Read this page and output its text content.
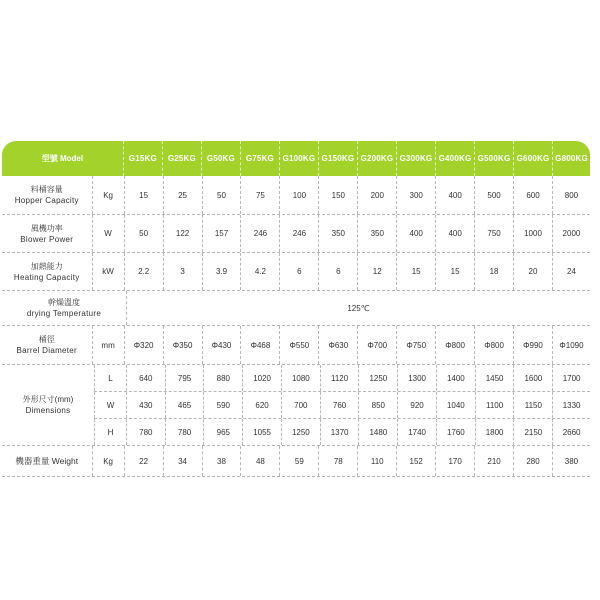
型號 Model	G15KG	G25KG	G50KG	G75KG	G100KG G150KG G200KG G300KG G400KG G500KG G600KG G800KG
料桶容量
Hopper Capacity
Kg	15	25	50	75	100	150	200	300	400	500	600	800
風機功率
Blower Power
W	50	122	157	246	246	350	350	400	400	750	1000	2000
加熱能力
Heating Capacity
kW	2.2	3	3.9	4.2	6	6	12	15	15	18	20	24
幹燥溫度
drying Temperature
125℃
桶徑
Barrel Diameter
mm	Φ320	Φ350	Φ430	Φ468	Φ550	Φ630	Φ700	Φ750	Φ800	Φ800	Φ990	Φ1090
外形尺寸(mm)
Dimensions
L	640	795	880	1020	1080	1120	1250	1300	1400	1450	1600	1700
W	430	465	590	620	700	760	850	920	1040	1100	1150	1330
H	780	780	965	1055	1250	1370	1480	1740	1760	1800	2150	2660
機器重量 Weight	Kg	22	34	38	48	59	78	110	152	170	210	280	380
